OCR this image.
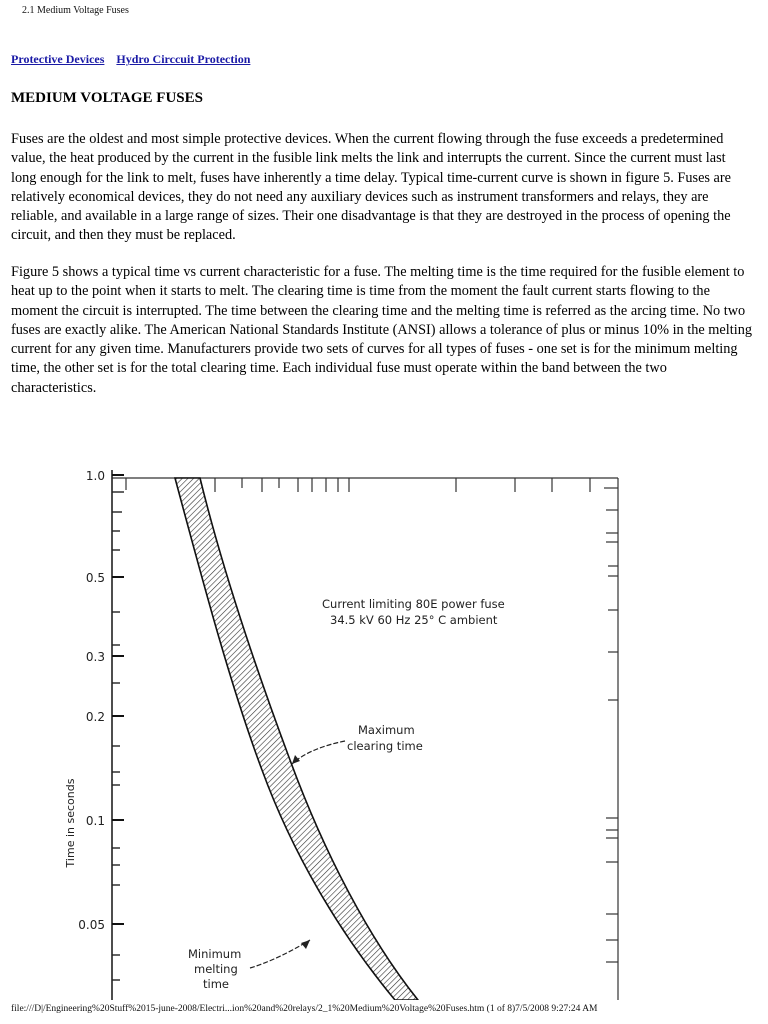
2.1 Medium Voltage Fuses
Protective Devices Hydro Circcuit Protection
MEDIUM VOLTAGE FUSES

Fuses are the oldest and most simple protective devices. When the current flowing through the fuse exceeds a predetermined value, the heat produced by the current in the fusible link melts the link and interrupts the current. Since the current must last long enough for the link to melt, fuses have inherently a time delay. Typical time-current curve is shown in figure 5. Fuses are relatively economical devices, they do not need any auxiliary devices such as instrument transformers and relays, they are reliable, and available in a large range of sizes. Their one disadvantage is that they are destroyed in the process of opening the circuit, and then they must be replaced.

Figure 5 shows a typical time vs current characteristic for a fuse. The melting time is the time required for the fusible element to heat up to the point when it starts to melt. The clearing time is time from the moment the fault current starts flowing to the moment the circuit is interrupted. The time between the clearing time and the melting time is referred as the arcing time. No two fuses are exactly alike. The American National Standards Institute (ANSI) allows a tolerance of plus or minus 10% in the melting current for any given time. Manufacturers provide two sets of curves for all types of fuses - one set is for the minimum melting time, the other set is for the total clearing time. Each individual fuse must operate within the band between the two characteristics.

1.0
0.5
0.3
0.2
0.1
0.05
Time in seconds
Current limiting 80E power fuse
34.5 kV 60 Hz 25° C ambient
Maximum
clearing time
Minimum
melting
time
file:///D|/Engineering%20Stuff%2015-june-2008/Electri...ion%20and%20relays/2_1%20Medium%20Voltage%20Fuses.htm (1 of 8)7/5/2008 9:27:24 AM
